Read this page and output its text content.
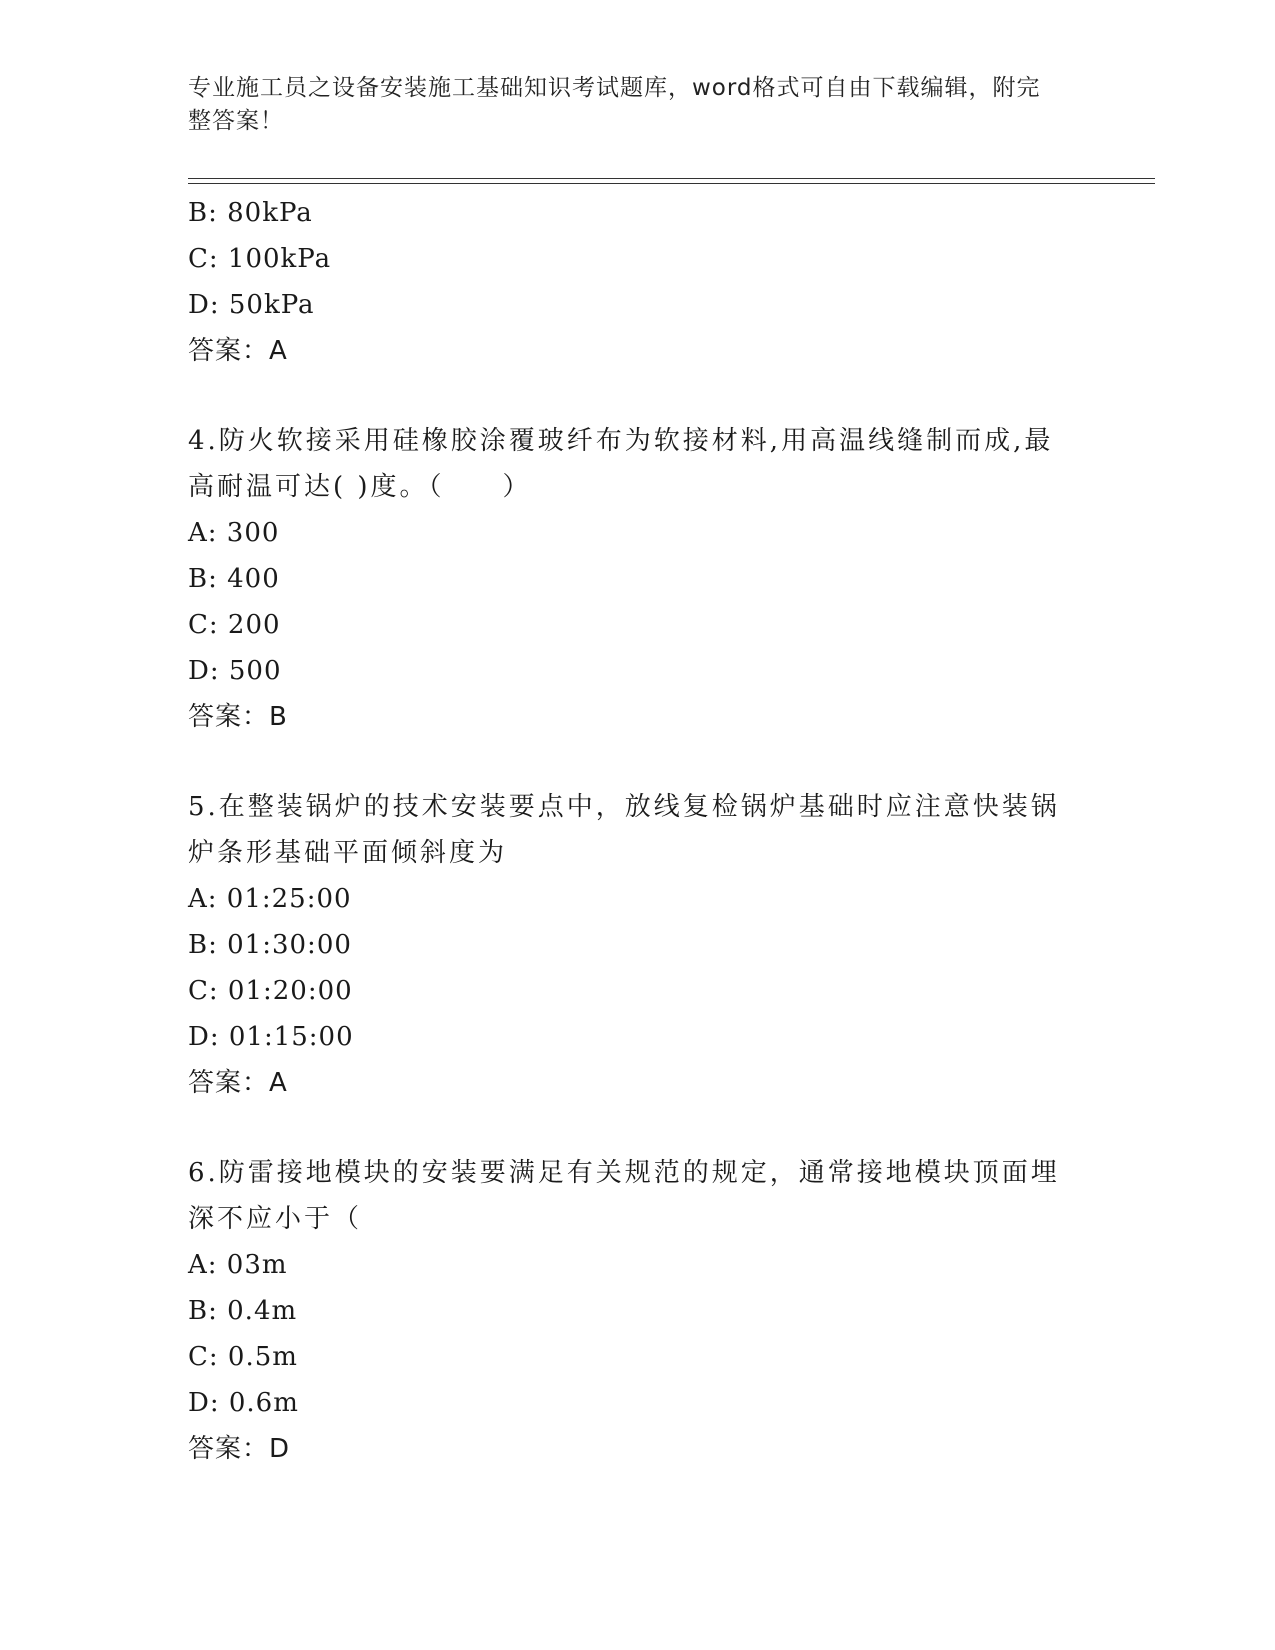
专业施工员之设备安装施工基础知识考试题库，word格式可自由下载编辑，附完
整答案！
B: 80kPa
C: 100kPa
D: 50kPa
答案：A
4.防火软接采用硅橡胶涂覆玻纤布为软接材料,用高温线缝制而成,最
高耐温可达( )度。（　　）
A: 300
B: 400
C: 200
D: 500
答案：B
5.在整装锅炉的技术安装要点中，放线复检锅炉基础时应注意快装锅
炉条形基础平面倾斜度为
A: 01:25:00
B: 01:30:00
C: 01:20:00
D: 01:15:00
答案：A
6.防雷接地模块的安装要满足有关规范的规定，通常接地模块顶面埋
深不应小于（
A: 03m
B: 0.4m
C: 0.5m
D: 0.6m
答案：D
